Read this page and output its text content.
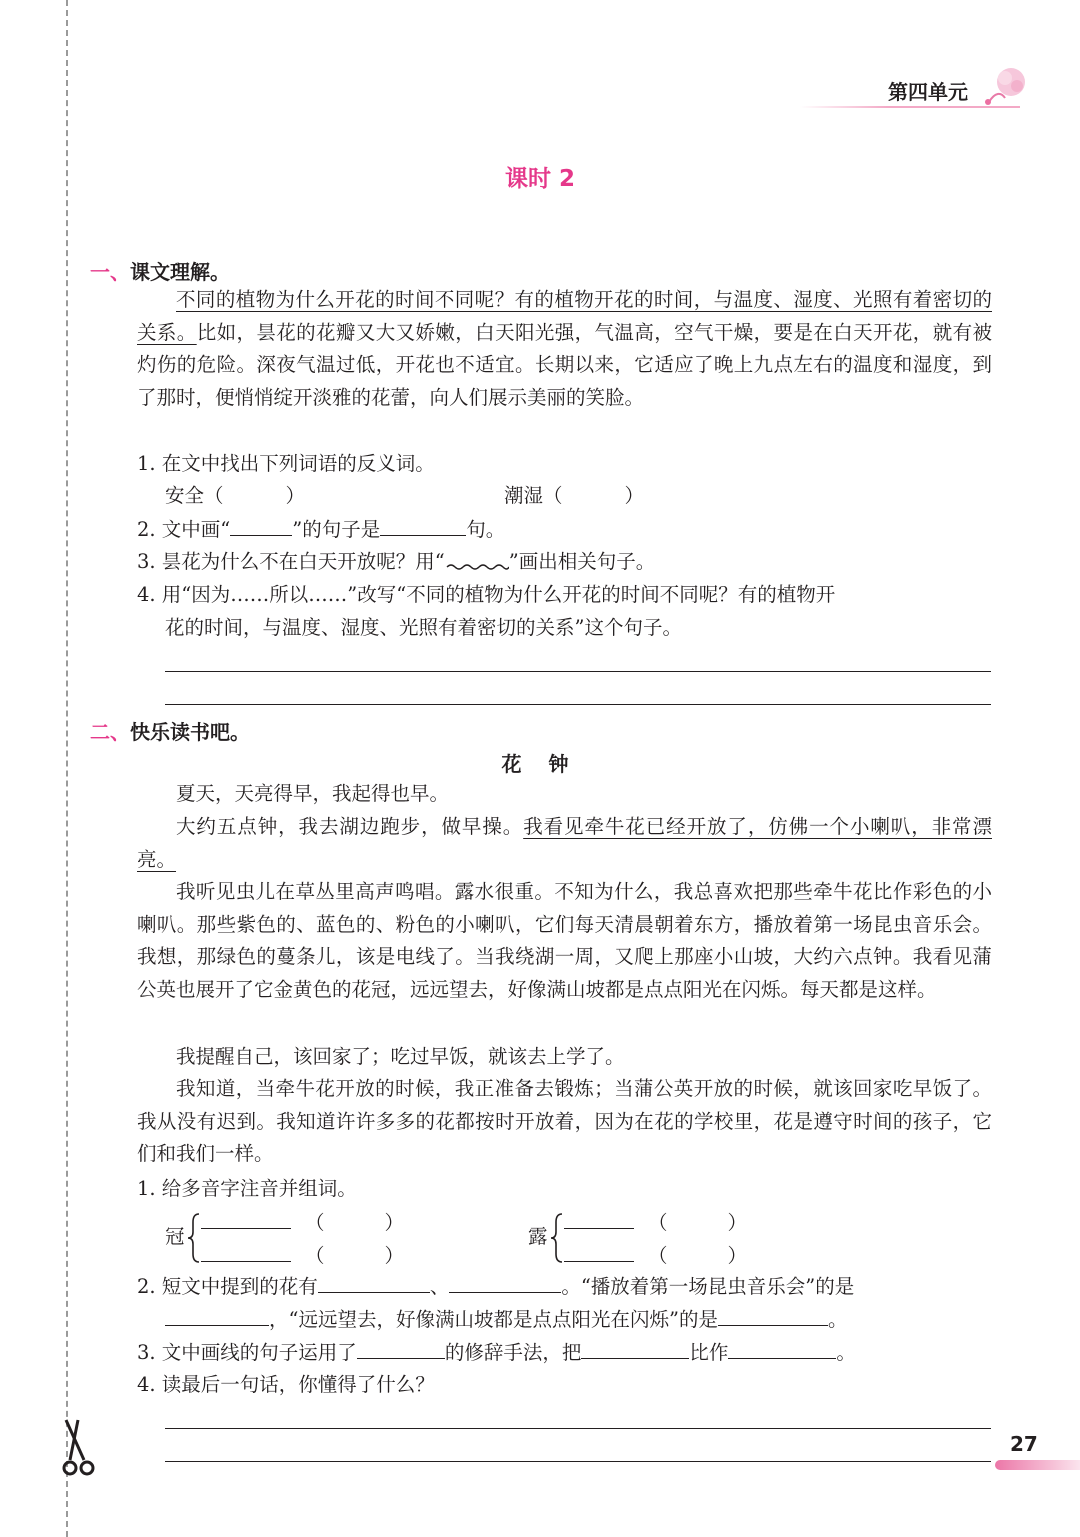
第四单元
课时 2
一、课文理解。
不同的植物为什么开花的时间不同呢？有的植物开花的时间，与温度、湿度、光照有着密切的关系。比如，昙花的花瓣又大又娇嫩，白天阳光强，气温高，空气干燥，要是在白天开花，就有被灼伤的危险。深夜气温过低，开花也不适宜。长期以来，它适应了晚上九点左右的温度和湿度，到了那时，便悄悄绽开淡雅的花蕾，向人们展示美丽的笑脸。
1. 在文中找出下列词语的反义词。
安全（	）	潮湿（	）
2. 文中画“	”的句子是	句。
3. 昙花为什么不在白天开放呢？用“	”画出相关句子。
4. 用“因为……所以……”改写“不同的植物为什么开花的时间不同呢？有的植物开
花的时间，与温度、湿度、光照有着密切的关系”这个句子。
二、快乐读书吧。
花 钟
夏天，天亮得早，我起得也早。
大约五点钟，我去湖边跑步，做早操。我看见牵牛花已经开放了，仿佛一个小喇叭，非常漂亮。
我听见虫儿在草丛里高声鸣唱。露水很重。不知为什么，我总喜欢把那些牵牛花比作彩色的小喇叭。那些紫色的、蓝色的、粉色的小喇叭，它们每天清晨朝着东方，播放着第一场昆虫音乐会。我想，那绿色的蔓条儿，该是电线了。当我绕湖一周，又爬上那座小山坡，大约六点钟。我看见蒲公英也展开了它金黄色的花冠，远远望去，好像满山坡都是点点阳光在闪烁。每天都是这样。
我提醒自己，该回家了；吃过早饭，就该去上学了。
我知道，当牵牛花开放的时候，我正准备去锻炼；当蒲公英开放的时候，就该回家吃早饭了。我从没有迟到。我知道许许多多的花都按时开放着，因为在花的学校里，花是遵守时间的孩子，它们和我们一样。
1. 给多音字注音并组词。
冠
（	）
（	）
露
（	）
（	）
2. 短文中提到的花有	、	。“播放着第一场昆虫音乐会”的是
，“远远望去，好像满山坡都是点点阳光在闪烁”的是	。
3. 文中画线的句子运用了	的修辞手法，把	比作	。
4. 读最后一句话，你懂得了什么？
27
